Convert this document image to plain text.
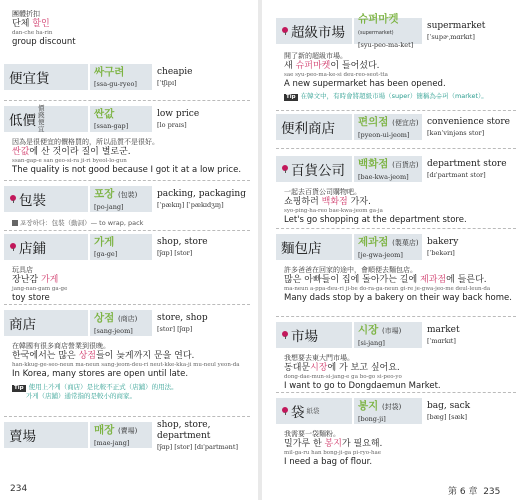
團體折扣
단체 할인
dan-che ha-rin
group discount
便宜貨	싸구려
[ssa-gu-ryeo]
cheapie
[ˈtʃipɪ]
低價
價錢便宜
싼값
[ssan-gap]
low price
[lo praɪs]
因為是很便宜的價格買的，所以品質不是很好。
싼값에 산 것이라 질이 별로군.
ssan-gap-e san geo-si-ra ji-ri byeol-lo-gun
The quality is not good because I got it at a low price.
包裝	포장 (包裝)
[po-jang]
packing, packaging
[ˈpækɪŋ] [ˈpækɪdʒɪŋ]
포장하다：包裝（動詞）— to wrap, pack
店鋪	가게
[ga-ge]
shop, store
[ʃɑp] [stor]
玩具店
장난감 가게
jang-nan-gam ga-ge
toy store
商店	상점 (商店)
[sang-jeom]
store, shop
[stor] [ʃɑp]
在韓國有很多商店營業到很晚。
한국에서는 많은 상점들이 늦게까지 문을 연다.
han-kkug-ge-seo-neun ma-neun sang-jeom-deu-ri neut-kke-kka-ji mu-neul yeon-da
In Korea, many stores are open until late.
Tip 使用上가게（商店）是比較不正式（店鋪）的用法。
가게（店鋪）通常指的是較小的商家。
賣場	매장 (賣場)
[mae-jang]
shop, store, department
[ʃɑp] [stor] [dɪˈpartmənt]
234
超級市場
슈퍼마켓(supermarket)
[syu-peo-ma-ket]
supermarket
[ˈsupɚˌmɑrkɪt]
開了新的超級市場。
새 슈퍼마켓이 들어섰다.
sae syu-peo-ma-ke-si deu-reo-seot-tta
A new supermarket has been opened.
Tip 在韓文中，有時會將超級市場（super）簡稱為슈퍼（market）。
便利商店	편의점 (便宜店)
[pyeon-ui-jeom]
convenience store
[kənˈvinjəns stor]
百貨公司 백화점 (百貨店)
[bae-kwa-jeom]
department store
[dɪˈpartmənt stor]
一起去百貨公司購物吧。
쇼핑하러 백화점 가자.
syo-ping-ha-reo bae-kwa-jeom ga-ja
Let's go shopping at the department store.
麵包店	제과점 (製菓店)
[je-gwa-jeom]
bakery
[ˈbekərɪ]
許多爸爸在回家的途中，會順便去麵包店。
많은 아빠들이 집에 돌아가는 길에 제과점에 들른다.
ma-neun a-ppa-deu-ri ji-be do-ra-ga-neun gi-re je-gwa-jeo-me deul-leun-da
Many dads stop by a bakery on their way back home.
市場	시장 (市場)
[si-jang]
market
[ˈmɑrkɪt]
我想要去東大門市場。
동대문시장에 가 보고 싶어요.
dong-dae-mun-si-jang-e ga bo-go si-peo-yo
I want to go to Dongdaemun Market.
袋 紙袋	봉지 (封袋)
[bong-ji]
bag, sack
[bæg] [sæk]
我需要一袋麵粉。
밀가루 한 봉지가 필요해.
mil-ga-ru han bong-ji-ga pi-ryo-hae
I need a bag of flour.
第 6 章 235
